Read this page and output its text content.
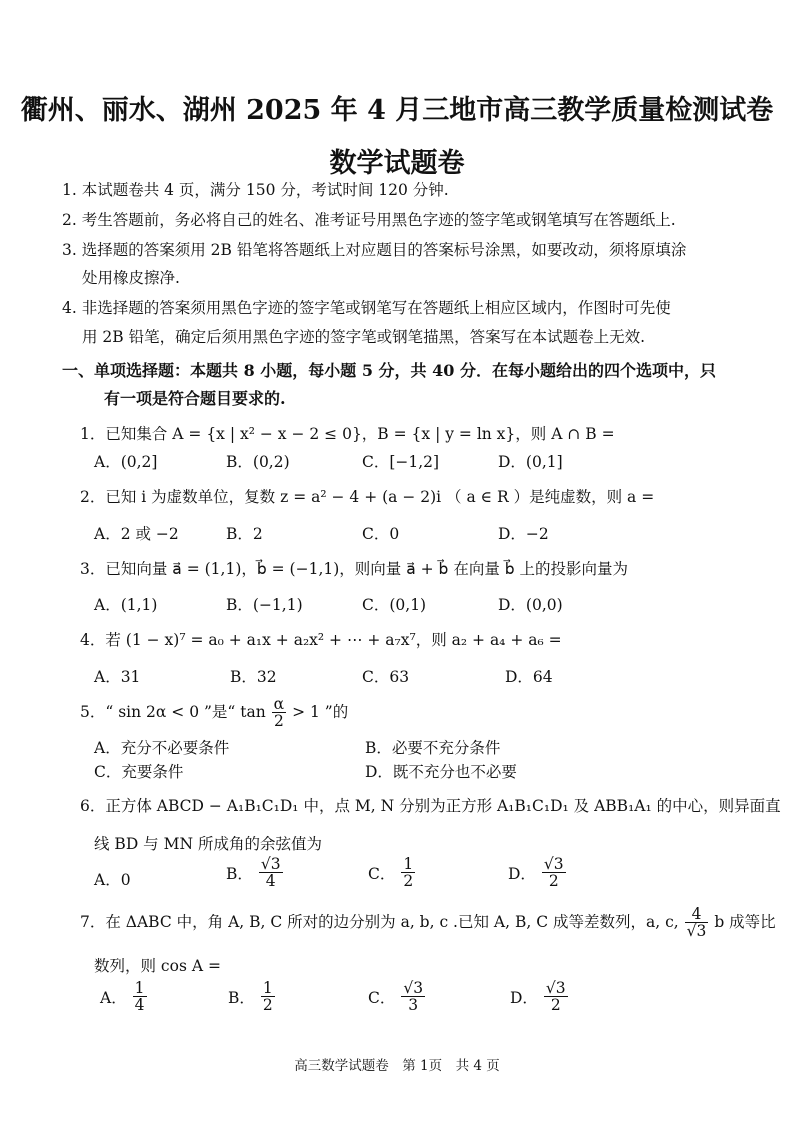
衢州、丽水、湖州 2025 年 4 月三地市高三教学质量检测试卷
数学试题卷
1. 本试题卷共 4 页，满分 150 分，考试时间 120 分钟.
2. 考生答题前，务必将自己的姓名、准考证号用黑色字迹的签字笔或钢笔填写在答题纸上.
3. 选择题的答案须用 2B 铅笔将答题纸上对应题目的答案标号涂黑，如要改动，须将原填涂
处用橡皮擦净.
4. 非选择题的答案须用黑色字迹的签字笔或钢笔写在答题纸上相应区域内，作图时可先使
用 2B 铅笔，确定后须用黑色字迹的签字笔或钢笔描黑，答案写在本试题卷上无效.
一、单项选择题：本题共 8 小题，每小题 5 分，共 40 分．在每小题给出的四个选项中，只
有一项是符合题目要求的.
1．已知集合 A = {x | x² − x − 2 ≤ 0}，B = {x | y = ln x}，则 A ∩ B =
A．(0,2]	B．(0,2)	C．[−1,2]	D．(0,1]
2．已知 i 为虚数单位，复数 z = a² − 4 + (a − 2)i （ a ∈ R ）是纯虚数，则 a =
A．2 或 −2	B．2	C．0	D．−2
3．已知向量 a⃗ = (1,1)，b⃗ = (−1,1)，则向量 a⃗ + b⃗ 在向量 b⃗ 上的投影向量为
A．(1,1)	B．(−1,1)	C．(0,1)	D．(0,0)
4．若 (1 − x)⁷ = a₀ + a₁x + a₂x² + ⋯ + a₇x⁷，则 a₂ + a₄ + a₆ =
A．31	B．32	C．63	D．64
5．“ sin 2α < 0 ”是“ $\tan \frac{\alpha}{2} > 1$ ”的
A．充分不必要条件	B．必要不充分条件
C．充要条件	D．既不充分也不必要
6．正方体 ABCD − A₁B₁C₁D₁ 中，点 M, N 分别为正方形 A₁B₁C₁D₁ 及 ABB₁A₁ 的中心，则异面直
线 BD 与 MN 所成角的余弦值为
A．0	B． $\frac{√3}{4}$	C． $\frac{1}{2}$	D． $\frac{√3}{2}$
7．在 ΔABC 中，角 A, B, C 所对的边分别为 a, b, c .已知 A, B, C 成等差数列，a, c, $\frac{4}{√3}$ b 成等比
数列，则 cos A =
A． $\frac{1}{4}$	B． $\frac{1}{2}$	C． $\frac{√3}{3}$	D． $\frac{√3}{2}$
高三数学试题卷　第 1页　共 4 页
